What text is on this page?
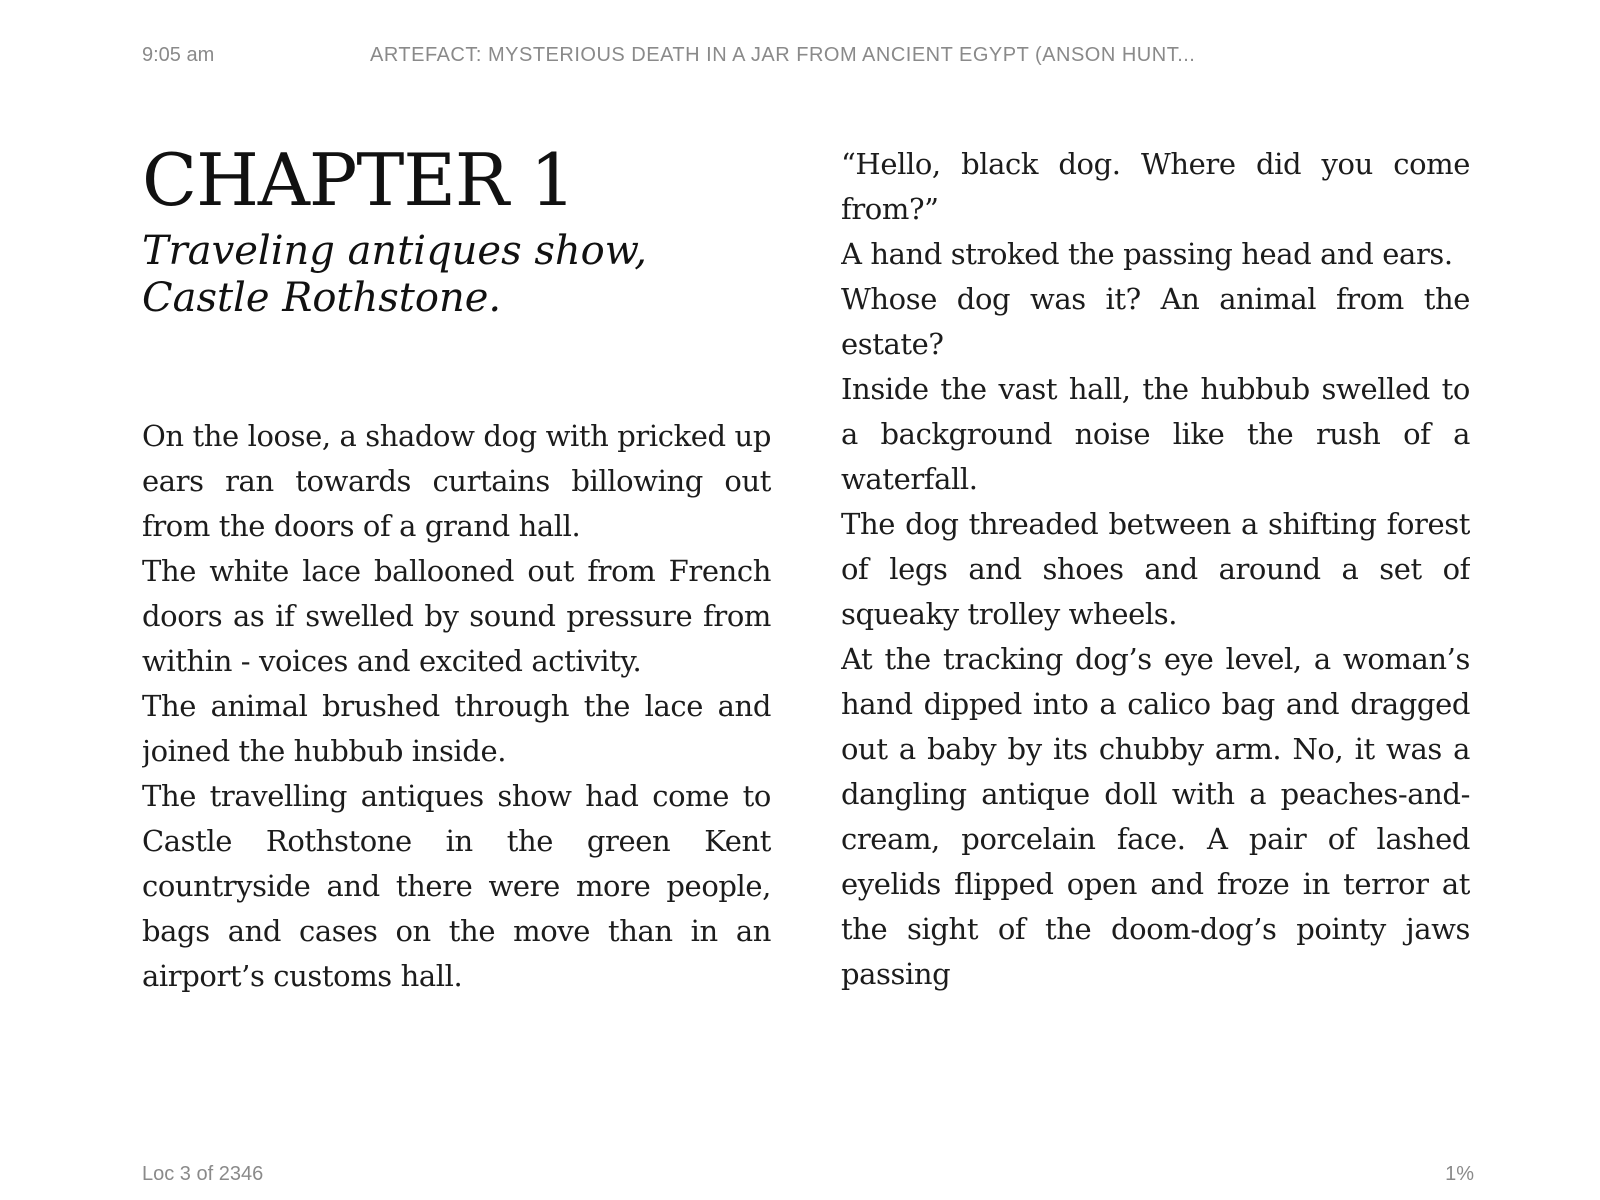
9:05 am	ARTEFACT: MYSTERIOUS DEATH IN A JAR FROM ANCIENT EGYPT (ANSON HUNT...
CHAPTER 1
Traveling antiques show, Castle Rothstone.

On the loose, a shadow dog with pricked up ears ran towards curtains billowing out from the doors of a grand hall.

The white lace ballooned out from French doors as if swelled by sound pressure from within - voices and excited activity.

The animal brushed through the lace and joined the hubbub inside.

The travelling antiques show had come to Castle Rothstone in the green Kent countryside and there were more people, bags and cases on the move than in an airport’s customs hall.

“Hello, black dog. Where did you come from?”

A hand stroked the passing head and ears.

Whose dog was it? An animal from the estate?

Inside the vast hall, the hubbub swelled to a background noise like the rush of a waterfall.

The dog threaded between a shifting forest of legs and shoes and around a set of squeaky trolley wheels.

At the tracking dog’s eye level, a woman’s hand dipped into a calico bag and dragged out a baby by its chubby arm. No, it was a dangling antique doll with a peaches-and-cream, porcelain face. A pair of lashed eyelids flipped open and froze in terror at the sight of the doom-dog’s pointy jaws passing

Loc 3 of 2346	1%
